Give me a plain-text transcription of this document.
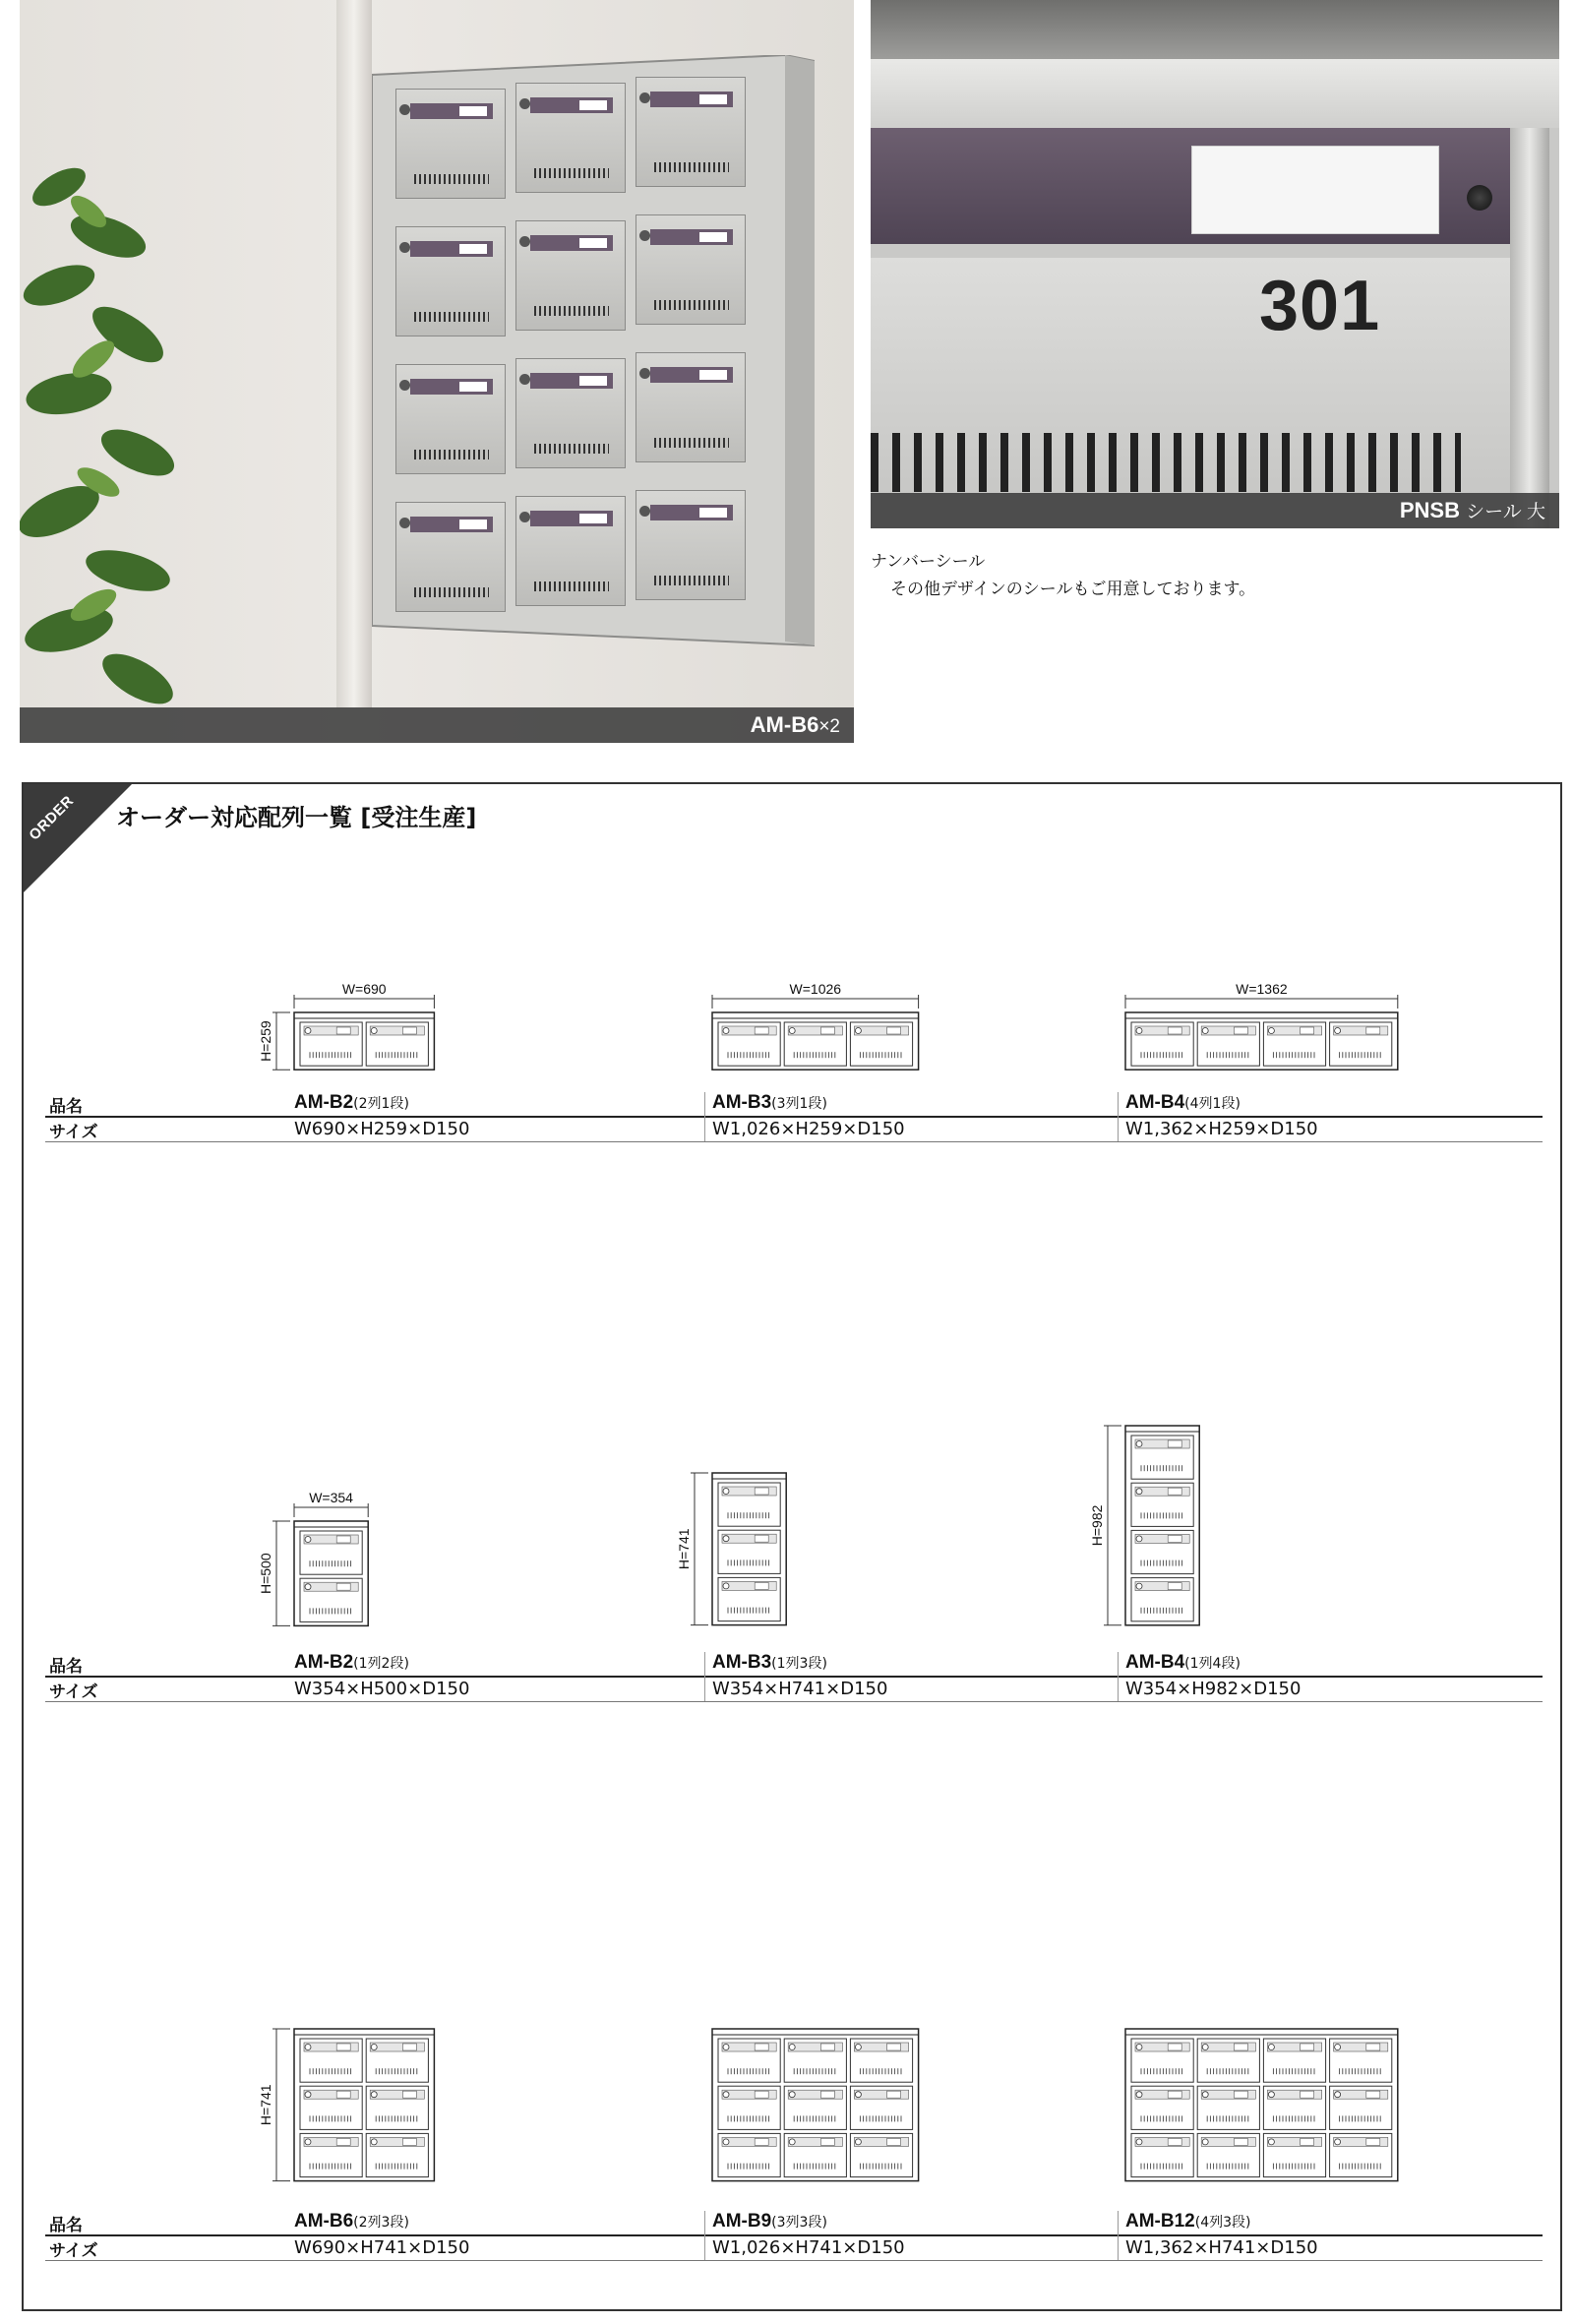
AM-B6×2
301
PNSB シール 大
ナンバーシール
その他デザインのシールもご用意しております。
ORDER オーダー対応配列一覧 [受注生産]
W=690
H=259
W=1026	W=1362
W=354
H=500
H=741
H=982
H=741
品名
サイズ
AM-B2(2列1段)
W690×H259×D150
AM-B3(3列1段)
W1,026×H259×D150
AM-B4(4列1段)
W1,362×H259×D150
品名
サイズ
AM-B2(1列2段)
W354×H500×D150
AM-B3(1列3段)
W354×H741×D150
AM-B4(1列4段)
W354×H982×D150
品名
サイズ
AM-B6(2列3段)
W690×H741×D150
AM-B9(3列3段)
W1,026×H741×D150
AM-B12(4列3段)
W1,362×H741×D150
